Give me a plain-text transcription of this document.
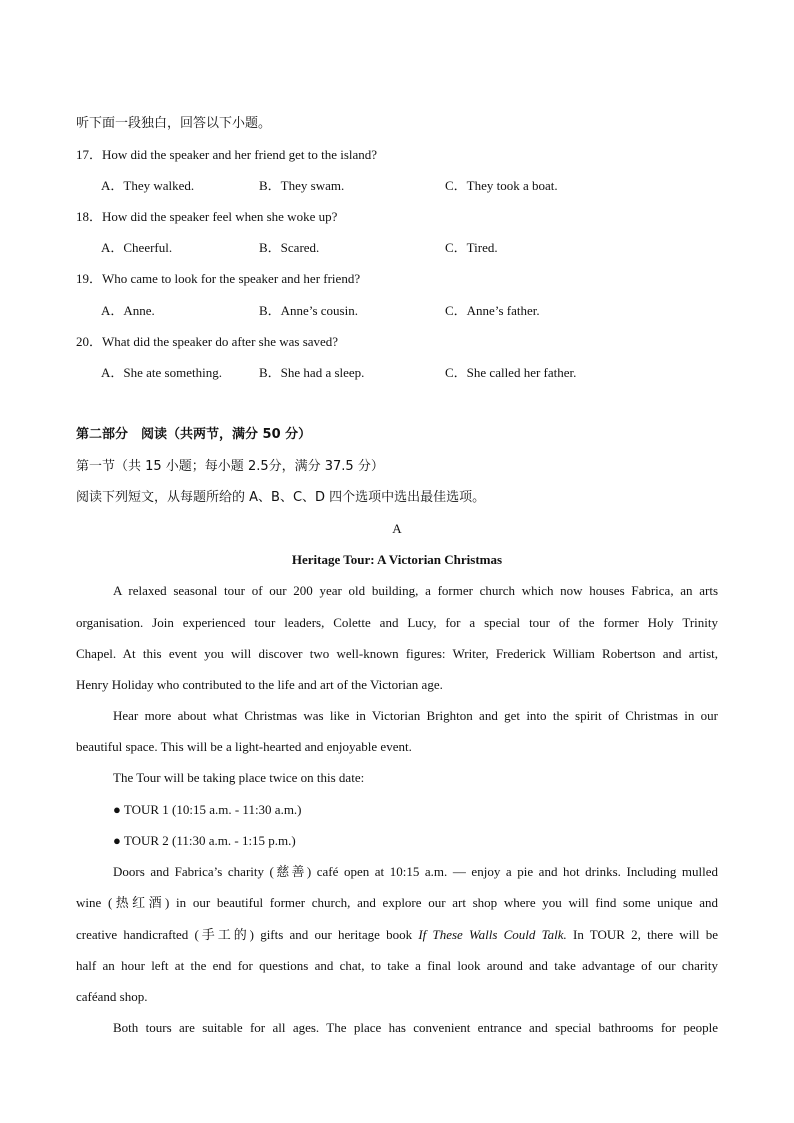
听下面一段独白，回答以下小题。
17．How did the speaker and her friend get to the island?
A．They walked.	B．They swam.	C．They took a boat.
18．How did the speaker feel when she woke up?
A．Cheerful.	B．Scared.	C．Tired.
19．Who came to look for the speaker and her friend?
A．Anne.	B．Anne’s cousin.	C．Anne’s father.
20．What did the speaker do after she was saved?
A．She ate something.	B．She had a sleep.	C．She called her father.
第二部分　阅读（共两节，满分 50 分）
第一节（共 15 小题；每小题 2.5分，满分 37.5 分）
阅读下列短文，从每题所给的 A、B、C、D 四个选项中选出最佳选项。
A
Heritage Tour: A Victorian Christmas
A relaxed seasonal tour of our 200 year old building, a former church which now houses Fabrica, an arts
organisation. Join experienced tour leaders, Colette and Lucy, for a special tour of the former Holy Trinity
Chapel. At this event you will discover two well-known figures: Writer, Frederick William Robertson and artist,
Henry Holiday who contributed to the life and art of the Victorian age.
Hear more about what Christmas was like in Victorian Brighton and get into the spirit of Christmas in our
beautiful space. This will be a light-hearted and enjoyable event.
The Tour will be taking place twice on this date:
● TOUR 1 (10:15 a.m. - 11:30 a.m.)
● TOUR 2 (11:30 a.m. - 1:15 p.m.)
Doors and Fabrica’s charity (慈善) café open at 10:15 a.m. — enjoy a pie and hot drinks. Including mulled
wine (热红酒) in our beautiful former church, and explore our art shop where you will find some unique and
creative handicrafted (手工的) gifts and our heritage book If These Walls Could Talk. In TOUR 2, there will be
half an hour left at the end for questions and chat, to take a final look around and take advantage of our charity
caféand shop.
Both tours are suitable for all ages. The place has convenient entrance and special bathrooms for people
